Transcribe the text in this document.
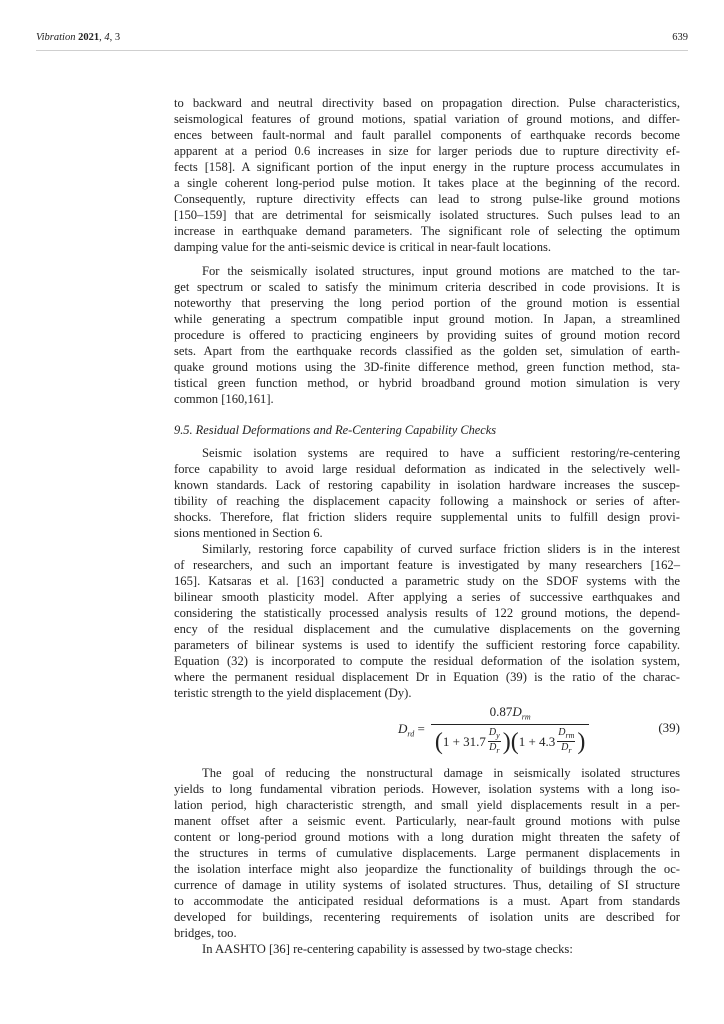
Vibration 2021, 4, 3	639
to backward and neutral directivity based on propagation direction. Pulse characteristics,
seismological features of ground motions, spatial variation of ground motions, and differ-
ences between fault-normal and fault parallel components of earthquake records become
apparent at a period 0.6 increases in size for larger periods due to rupture directivity ef-
fects [158]. A significant portion of the input energy in the rupture process accumulates in
a single coherent long-period pulse motion. It takes place at the beginning of the record.
Consequently, rupture directivity effects can lead to strong pulse-like ground motions
[150–159] that are detrimental for seismically isolated structures. Such pulses lead to an
increase in earthquake demand parameters. The significant role of selecting the optimum
damping value for the anti-seismic device is critical in near-fault locations.
For the seismically isolated structures, input ground motions are matched to the tar-
get spectrum or scaled to satisfy the minimum criteria described in code provisions. It is
noteworthy that preserving the long period portion of the ground motion is essential
while generating a spectrum compatible input ground motion. In Japan, a streamlined
procedure is offered to practicing engineers by providing suites of ground motion record
sets. Apart from the earthquake records classified as the golden set, simulation of earth-
quake ground motions using the 3D-finite difference method, green function method, sta-
tistical green function method, or hybrid broadband ground motion simulation is very
common [160,161].
9.5. Residual Deformations and Re-Centering Capability Checks
Seismic isolation systems are required to have a sufficient restoring/re-centering
force capability to avoid large residual deformation as indicated in the selectively well-
known standards. Lack of restoring capability in isolation hardware increases the suscep-
tibility of reaching the displacement capacity following a mainshock or series of after-
shocks. Therefore, flat friction sliders require supplemental units to fulfill design provi-
sions mentioned in Section 6.
Similarly, restoring force capability of curved surface friction sliders is in the interest
of researchers, and such an important feature is investigated by many researchers [162–
165]. Katsaras et al. [163] conducted a parametric study on the SDOF systems with the
bilinear smooth plasticity model. After applying a series of successive earthquakes and
considering the statistically processed analysis results of 122 ground motions, the depend-
ency of the residual displacement and the cumulative displacements on the governing
parameters of bilinear systems is used to identify the sufficient restoring force capability.
Equation (32) is incorporated to compute the residual deformation of the isolation system,
where the permanent residual displacement Dr in Equation (39) is the ratio of the charac-
teristic strength to the yield displacement (Dy).
$D_{rd} = 0.87D_{rm}$
( 1 + 31.7
$D_y$
$D_r$ ) ( 1 + 4.3
$D_{rm}$
$D_r$ )	(39)
The goal of reducing the nonstructural damage in seismically isolated structures
yields to long fundamental vibration periods. However, isolation systems with a long iso-
lation period, high characteristic strength, and small yield displacements result in a per-
manent offset after a seismic event. Particularly, near-fault ground motions with pulse
content or long-period ground motions with a long duration might threaten the safety of
the structures in terms of cumulative displacements. Large permanent displacements in
the isolation interface might also jeopardize the functionality of buildings through the oc-
currence of damage in utility systems of isolated structures. Thus, detailing of SI structure
to accommodate the anticipated residual deformations is a must. Apart from standards
developed for buildings, recentering requirements of isolation units are described for
bridges, too.
In AASHTO [36] re-centering capability is assessed by two-stage checks:
